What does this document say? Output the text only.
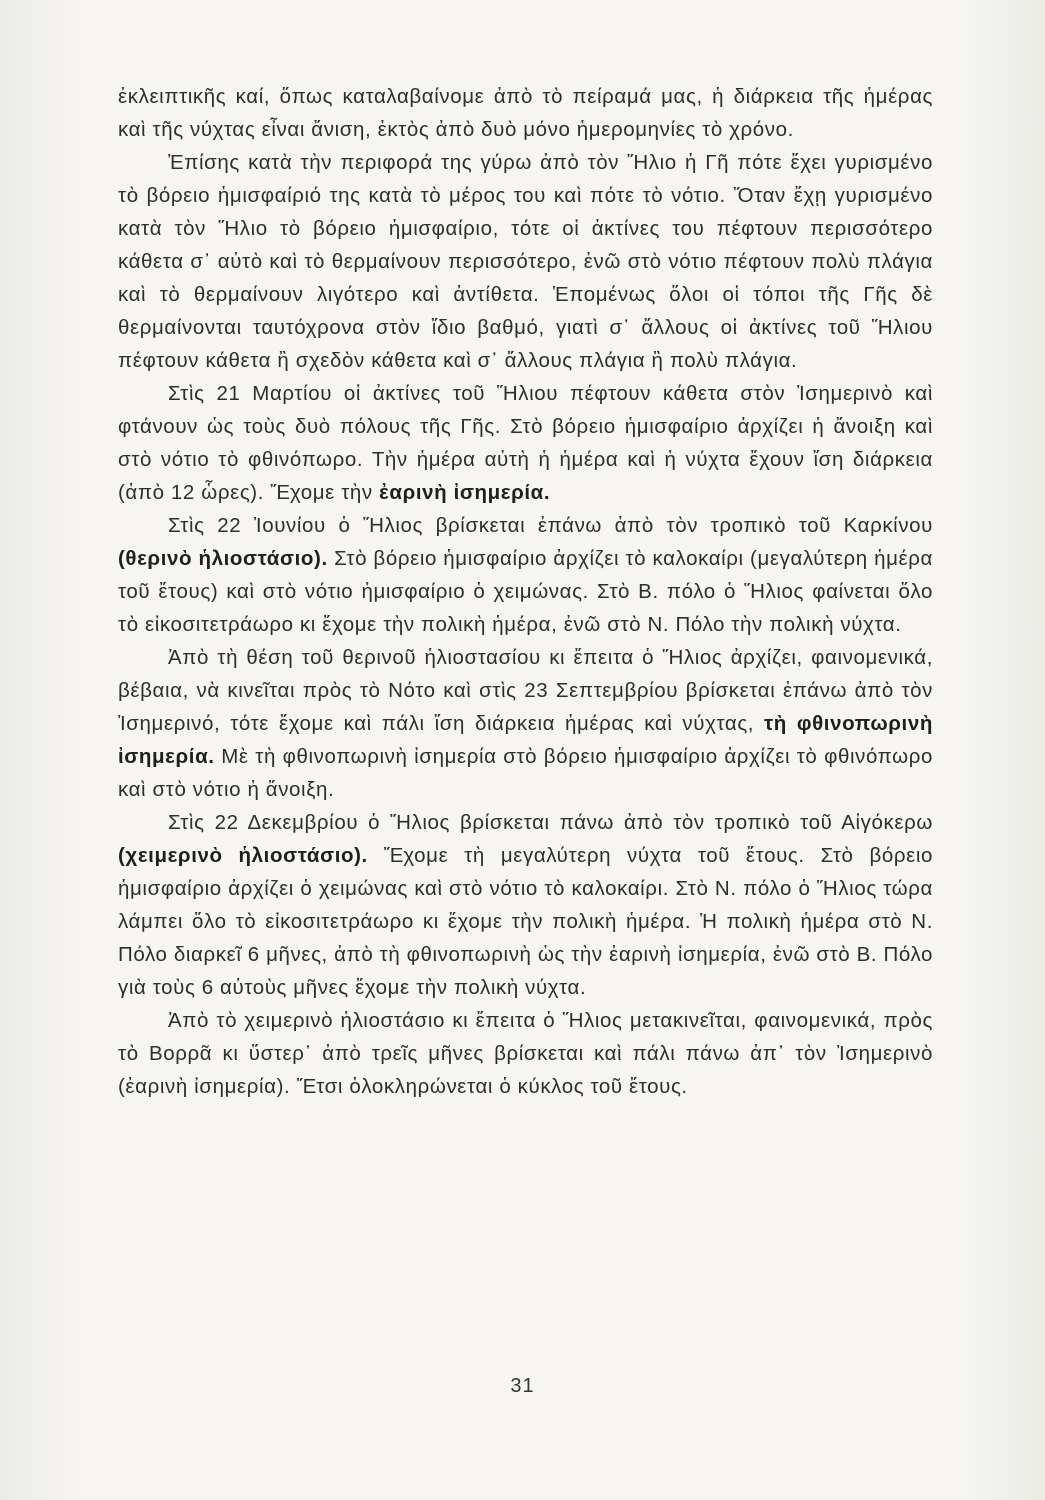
ἐκλειπτικῆς καί, ὅπως καταλαβαίνομε ἀπὸ τὸ πείραμά μας, ἡ διάρκεια τῆς ἡμέρας καὶ τῆς νύχτας εἶναι ἄνιση, ἐκτὸς ἀπὸ δυὸ μόνο ἡμερομηνίες τὸ χρόνο.

Ἐπίσης κατὰ τὴν περιφορά της γύρω ἀπὸ τὸν Ἥλιο ἡ Γῆ πότε ἔχει γυρισμένο τὸ βόρειο ἡμισφαίριό της κατὰ τὸ μέρος του καὶ πότε τὸ νότιο. Ὅταν ἔχῃ γυρισμένο κατὰ τὸν Ἥλιο τὸ βόρειο ἡμισφαίριο, τότε οἱ ἀκτίνες του πέφτουν περισσότερο κάθετα σ᾽ αὐτὸ καὶ τὸ θερμαίνουν περισσότερο, ἐνῶ στὸ νότιο πέφτουν πολὺ πλάγια καὶ τὸ θερμαίνουν λιγότερο καὶ ἀντίθετα. Ἑπομένως ὅλοι οἱ τόποι τῆς Γῆς δὲ θερμαίνονται ταυτόχρονα στὸν ἴδιο βαθμό, γιατὶ σ᾽ ἄλλους οἱ ἀκτίνες τοῦ Ἥλιου πέφτουν κάθετα ἢ σχεδὸν κάθετα καὶ σ᾽ ἄλλους πλάγια ἢ πολὺ πλάγια.

Στὶς 21 Μαρτίου οἱ ἀκτίνες τοῦ Ἥλιου πέφτουν κάθετα στὸν Ἰσημερινὸ καὶ φτάνουν ὡς τοὺς δυὸ πόλους τῆς Γῆς. Στὸ βόρειο ἡμισφαίριο ἀρχίζει ἡ ἄνοιξη καὶ στὸ νότιο τὸ φθινόπωρο. Τὴν ἡμέρα αὐτὴ ἡ ἡμέρα καὶ ἡ νύχτα ἔχουν ἴση διάρκεια (ἀπὸ 12 ὧρες). Ἔχομε τὴν ἐαρινὴ ἰσημερία.

Στὶς 22 Ἰουνίου ὁ Ἥλιος βρίσκεται ἐπάνω ἀπὸ τὸν τροπικὸ τοῦ Καρκίνου (θερινὸ ἡλιοστάσιο). Στὸ βόρειο ἡμισφαίριο ἀρχίζει τὸ καλοκαίρι (μεγαλύτερη ἡμέρα τοῦ ἔτους) καὶ στὸ νότιο ἡμισφαίριο ὁ χειμώνας. Στὸ Β. πόλο ὁ Ἥλιος φαίνεται ὅλο τὸ εἰκοσιτετράωρο κι ἔχομε τὴν πολικὴ ἡμέρα, ἐνῶ στὸ Ν. Πόλο τὴν πολικὴ νύχτα.

Ἀπὸ τὴ θέση τοῦ θερινοῦ ἡλιοστασίου κι ἔπειτα ὁ Ἥλιος ἀρχίζει, φαινομενικά, βέβαια, νὰ κινεῖται πρὸς τὸ Νότο καὶ στὶς 23 Σεπτεμβρίου βρίσκεται ἐπάνω ἀπὸ τὸν Ἰσημερινό, τότε ἔχομε καὶ πάλι ἴση διάρκεια ἡμέρας καὶ νύχτας, τὴ φθινοπωρινὴ ἰσημερία. Μὲ τὴ φθινοπωρινὴ ἰσημερία στὸ βόρειο ἡμισφαίριο ἀρχίζει τὸ φθινόπωρο καὶ στὸ νότιο ἡ ἄνοιξη.

Στὶς 22 Δεκεμβρίου ὁ Ἥλιος βρίσκεται πάνω ἀπὸ τὸν τροπικὸ τοῦ Αἰγόκερω (χειμερινὸ ἡλιοστάσιο). Ἔχομε τὴ μεγαλύτερη νύχτα τοῦ ἔτους. Στὸ βόρειο ἡμισφαίριο ἀρχίζει ὁ χειμώνας καὶ στὸ νότιο τὸ καλοκαίρι. Στὸ Ν. πόλο ὁ Ἥλιος τώρα λάμπει ὅλο τὸ εἰκοσιτετράωρο κι ἔχομε τὴν πολικὴ ἡμέρα. Ἡ πολικὴ ἡμέρα στὸ Ν. Πόλο διαρκεῖ 6 μῆνες, ἀπὸ τὴ φθινοπωρινὴ ὡς τὴν ἐαρινὴ ἰσημερία, ἐνῶ στὸ Β. Πόλο γιὰ τοὺς 6 αὐτοὺς μῆνες ἔχομε τὴν πολικὴ νύχτα.

Ἀπὸ τὸ χειμερινὸ ἡλιοστάσιο κι ἔπειτα ὁ Ἥλιος μετακινεῖται, φαινομενικά, πρὸς τὸ Βορρᾶ κι ὕστερ᾽ ἀπὸ τρεῖς μῆνες βρίσκεται καὶ πάλι πάνω ἀπ᾽ τὸν Ἰσημερινὸ (ἐαρινὴ ἰσημερία). Ἔτσι ὁλοκληρώνεται ὁ κύκλος τοῦ ἔτους.

31
